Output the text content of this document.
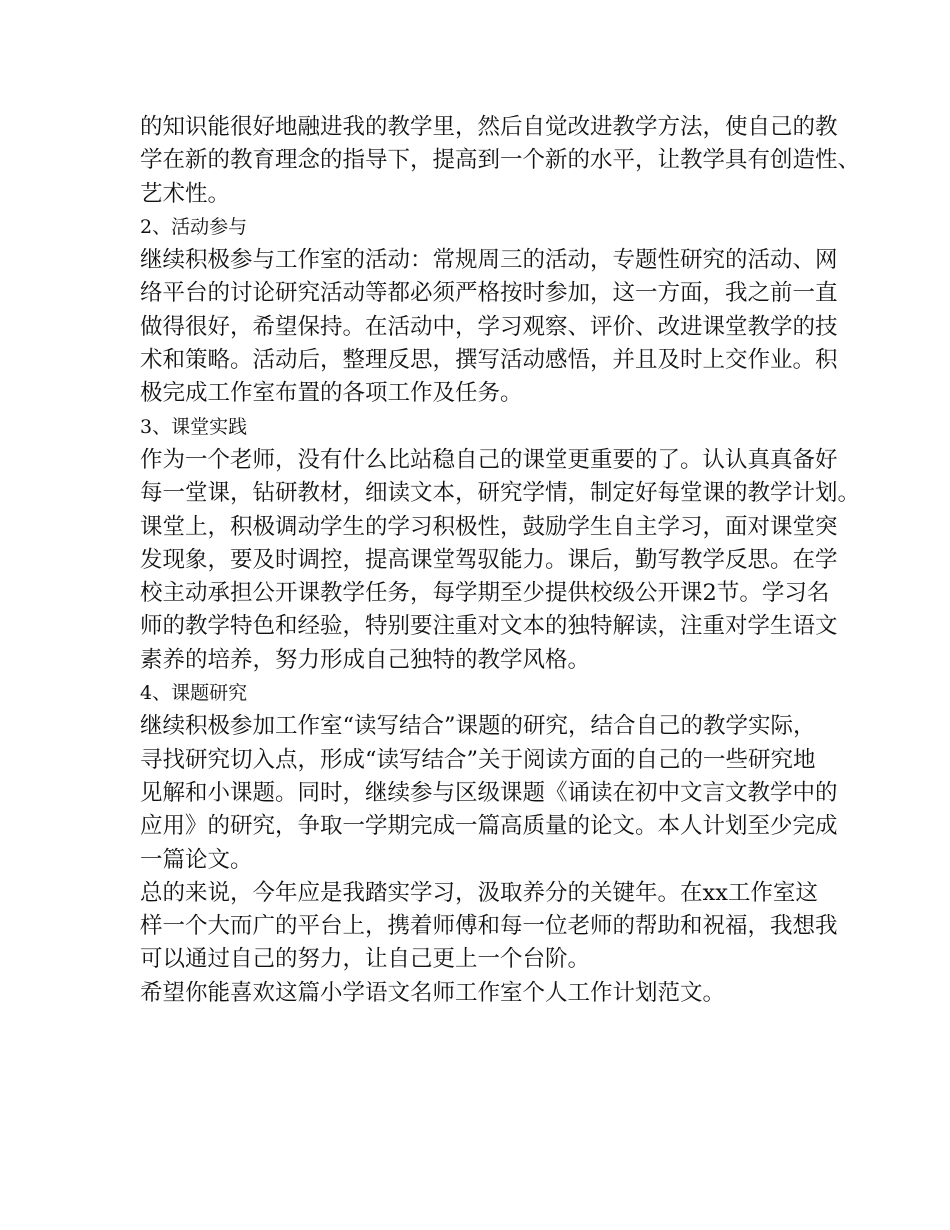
的知识能很好地融进我的教学里，然后自觉改进教学方法，使自己的教
学在新的教育理念的指导下，提高到一个新的水平，让教学具有创造性、
艺术性。
2、活动参与
继续积极参与工作室的活动：常规周三的活动，专题性研究的活动、网
络平台的讨论研究活动等都必须严格按时参加，这一方面，我之前一直
做得很好，希望保持。在活动中，学习观察、评价、改进课堂教学的技
术和策略。活动后，整理反思，撰写活动感悟，并且及时上交作业。积
极完成工作室布置的各项工作及任务。
3、课堂实践
作为一个老师，没有什么比站稳自己的课堂更重要的了。认认真真备好
每一堂课，钻研教材，细读文本，研究学情，制定好每堂课的教学计划。
课堂上，积极调动学生的学习积极性，鼓励学生自主学习，面对课堂突
发现象，要及时调控，提高课堂驾驭能力。课后，勤写教学反思。在学
校主动承担公开课教学任务，每学期至少提供校级公开课2节。学习名
师的教学特色和经验，特别要注重对文本的独特解读，注重对学生语文
素养的培养，努力形成自己独特的教学风格。
4、课题研究
继续积极参加工作室“读写结合”课题的研究，结合自己的教学实际，
寻找研究切入点，形成“读写结合”关于阅读方面的自己的一些研究地
见解和小课题。同时，继续参与区级课题《诵读在初中文言文教学中的
应用》的研究，争取一学期完成一篇高质量的论文。本人计划至少完成
一篇论文。
总的来说，今年应是我踏实学习，汲取养分的关键年。在xx工作室这
样一个大而广的平台上，携着师傅和每一位老师的帮助和祝福，我想我
可以通过自己的努力，让自己更上一个台阶。
希望你能喜欢这篇小学语文名师工作室个人工作计划范文。
